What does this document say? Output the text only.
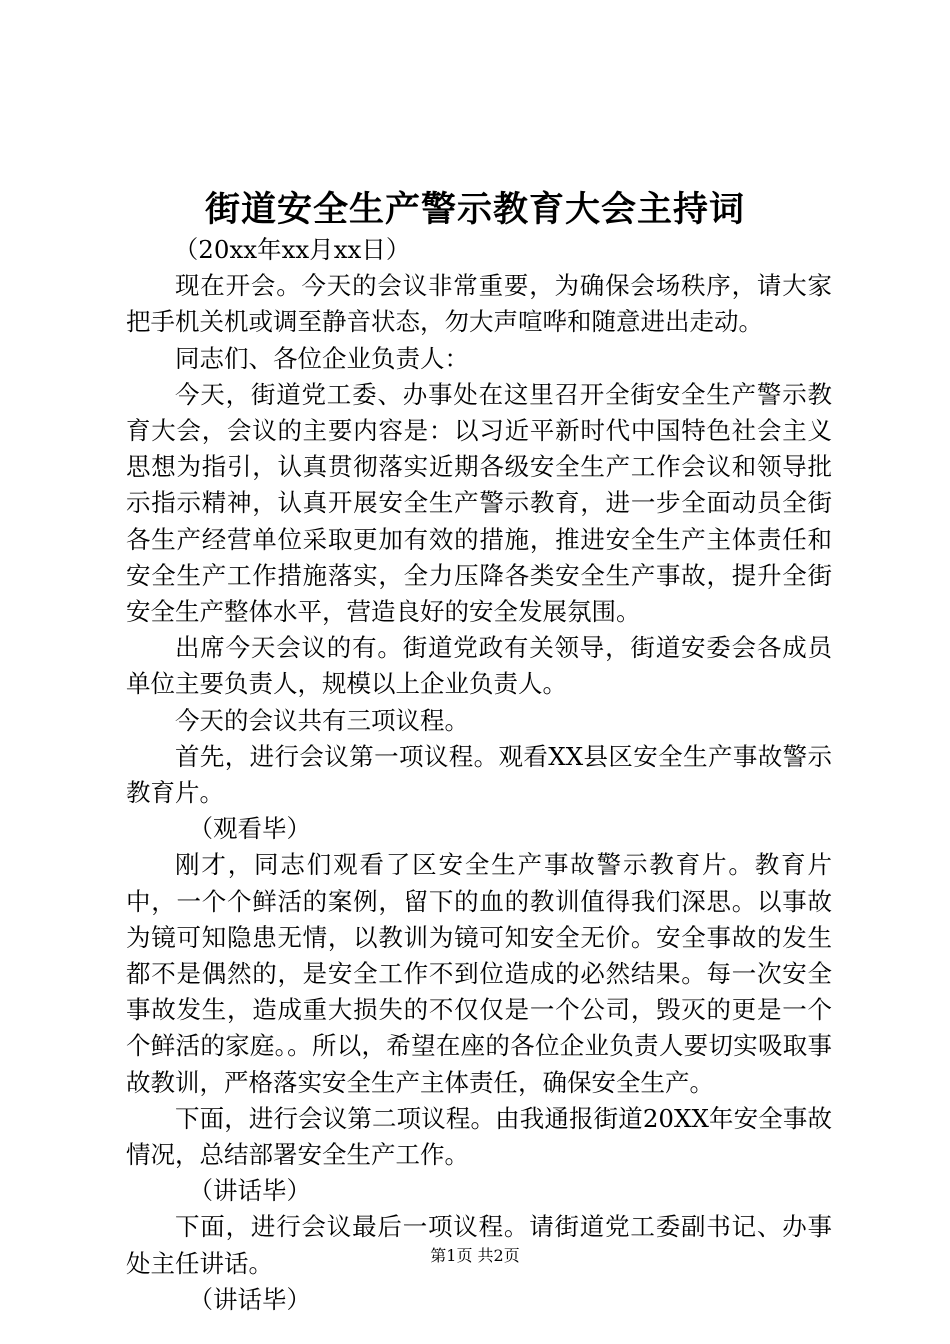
街道安全生产警示教育大会主持词

（20xx年xx月xx日）

现在开会。今天的会议非常重要，为确保会场秩序，请大家把手机关机或调至静音状态，勿大声喧哗和随意进出走动。

同志们、各位企业负责人：

今天，街道党工委、办事处在这里召开全街安全生产警示教育大会，会议的主要内容是：以习近平新时代中国特色社会主义思想为指引，认真贯彻落实近期各级安全生产工作会议和领导批示指示精神，认真开展安全生产警示教育，进一步全面动员全街各生产经营单位采取更加有效的措施，推进安全生产主体责任和安全生产工作措施落实，全力压降各类安全生产事故，提升全街安全生产整体水平，营造良好的安全发展氛围。

出席今天会议的有。街道党政有关领导，街道安委会各成员单位主要负责人，规模以上企业负责人。

今天的会议共有三项议程。

首先，进行会议第一项议程。观看XX县区安全生产事故警示教育片。

（观看毕）

刚才，同志们观看了区安全生产事故警示教育片。教育片中，一个个鲜活的案例，留下的血的教训值得我们深思。以事故为镜可知隐患无情，以教训为镜可知安全无价。安全事故的发生都不是偶然的，是安全工作不到位造成的必然结果。每一次安全事故发生，造成重大损失的不仅仅是一个公司，毁灭的更是一个个鲜活的家庭。。所以，希望在座的各位企业负责人要切实吸取事故教训，严格落实安全生产主体责任，确保安全生产。

下面，进行会议第二项议程。由我通报街道20XX年安全事故情况，总结部署安全生产工作。

（讲话毕）

下面，进行会议最后一项议程。请街道党工委副书记、办事处主任讲话。

（讲话毕）

第1页 共2页
